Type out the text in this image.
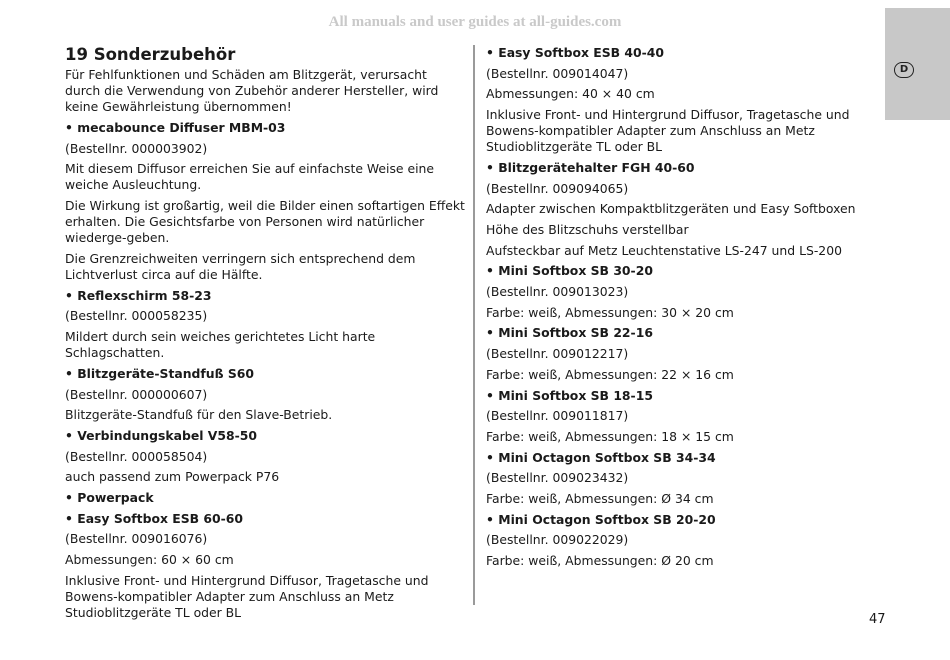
All manuals and user guides at all-guides.com
D
19 Sonderzubehör

Für Fehlfunktionen und Schäden am Blitzgerät, verursacht durch die Verwendung von Zubehör anderer Hersteller, wird keine Gewährleistung übernommen!

• mecabounce Diffuser MBM-03

(Bestellnr. 000003902)

Mit diesem Diffusor erreichen Sie auf einfachste Weise eine weiche Ausleuchtung.

Die Wirkung ist großartig, weil die Bilder einen softartigen Effekt erhalten. Die Gesichtsfarbe von Personen wird natürlicher wiederge-geben.

Die Grenzreichweiten verringern sich entsprechend dem Lichtverlust circa auf die Hälfte.

• Reflexschirm 58-23

(Bestellnr. 000058235)

Mildert durch sein weiches gerichtetes Licht harte Schlagschatten.

• Blitzgeräte-Standfuß S60

(Bestellnr. 000000607)

Blitzgeräte-Standfuß für den Slave-Betrieb.

• Verbindungskabel V58-50

(Bestellnr. 000058504)

auch passend zum Powerpack P76

• Powerpack

• Easy Softbox ESB 60-60

(Bestellnr. 009016076)

Abmessungen: 60 × 60 cm

Inklusive Front- und Hintergrund Diffusor, Tragetasche und Bowens-kompatibler Adapter zum Anschluss an Metz Studioblitzgeräte TL oder BL

• Easy Softbox ESB 40-40

(Bestellnr. 009014047)

Abmessungen: 40 × 40 cm

Inklusive Front- und Hintergrund Diffusor, Tragetasche und Bowens-kompatibler Adapter zum Anschluss an Metz Studioblitzgeräte TL oder BL

• Blitzgerätehalter FGH 40-60

(Bestellnr. 009094065)

Adapter zwischen Kompaktblitzgeräten und Easy Softboxen

Höhe des Blitzschuhs verstellbar

Aufsteckbar auf Metz Leuchtenstative LS-247 und LS-200

• Mini Softbox SB 30-20

(Bestellnr. 009013023)

Farbe: weiß, Abmessungen: 30 × 20 cm

• Mini Softbox SB 22-16

(Bestellnr. 009012217)

Farbe: weiß, Abmessungen: 22 × 16 cm

• Mini Softbox SB 18-15

(Bestellnr. 009011817)

Farbe: weiß, Abmessungen: 18 × 15 cm

• Mini Octagon Softbox SB 34-34

(Bestellnr. 009023432)

Farbe: weiß, Abmessungen: Ø 34 cm

• Mini Octagon Softbox SB 20-20

(Bestellnr. 009022029)

Farbe: weiß, Abmessungen: Ø 20 cm

47
